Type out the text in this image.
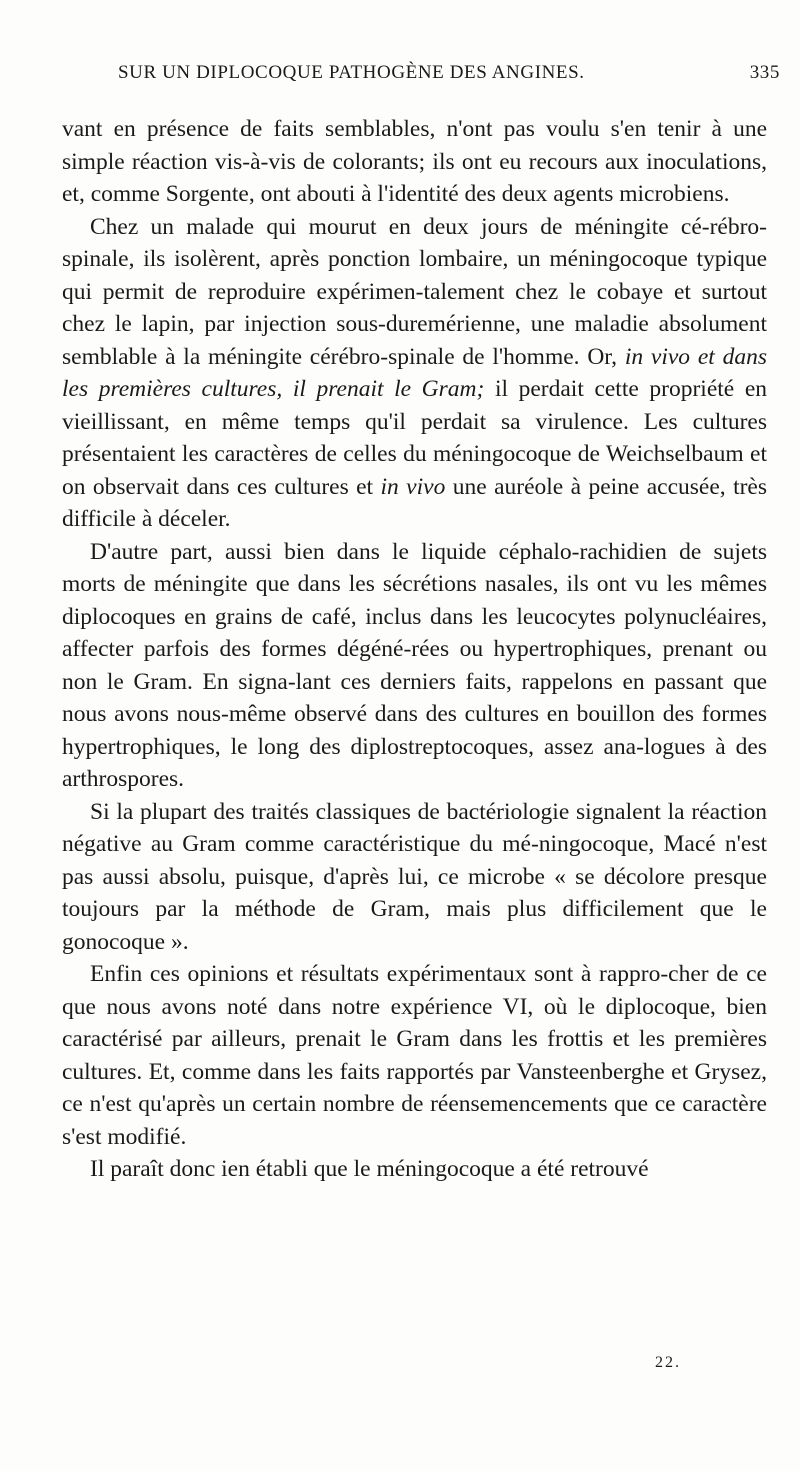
SUR UN DIPLOCOQUE PATHOGÈNE DES ANGINES.	335

vant en présence de faits semblables, n'ont pas voulu s'en tenir à une simple réaction vis-à-vis de colorants; ils ont eu recours aux inoculations, et, comme Sorgente, ont abouti à l'identité des deux agents microbiens.

Chez un malade qui mourut en deux jours de méningite cé-rébro-spinale, ils isolèrent, après ponction lombaire, un méningocoque typique qui permit de reproduire expérimen-talement chez le cobaye et surtout chez le lapin, par injection sous-duremérienne, une maladie absolument semblable à la méningite cérébro-spinale de l'homme. Or, in vivo et dans les premières cultures, il prenait le Gram; il perdait cette propriété en vieillissant, en même temps qu'il perdait sa virulence. Les cultures présentaient les caractères de celles du méningocoque de Weichselbaum et on observait dans ces cultures et in vivo une auréole à peine accusée, très difficile à déceler.

D'autre part, aussi bien dans le liquide céphalo-rachidien de sujets morts de méningite que dans les sécrétions nasales, ils ont vu les mêmes diplocoques en grains de café, inclus dans les leucocytes polynucléaires, affecter parfois des formes dégéné-rées ou hypertrophiques, prenant ou non le Gram. En signa-lant ces derniers faits, rappelons en passant que nous avons nous-même observé dans des cultures en bouillon des formes hypertrophiques, le long des diplostreptocoques, assez ana-logues à des arthrospores.

Si la plupart des traités classiques de bactériologie signalent la réaction négative au Gram comme caractéristique du mé-ningocoque, Macé n'est pas aussi absolu, puisque, d'après lui, ce microbe « se décolore presque toujours par la méthode de Gram, mais plus difficilement que le gonocoque ».

Enfin ces opinions et résultats expérimentaux sont à rappro-cher de ce que nous avons noté dans notre expérience VI, où le diplocoque, bien caractérisé par ailleurs, prenait le Gram dans les frottis et les premières cultures. Et, comme dans les faits rapportés par Vansteenberghe et Grysez, ce n'est qu'après un certain nombre de réensemencements que ce caractère s'est modifié.

Il paraît donc ien établi que le méningocoque a été retrouvé

22.
